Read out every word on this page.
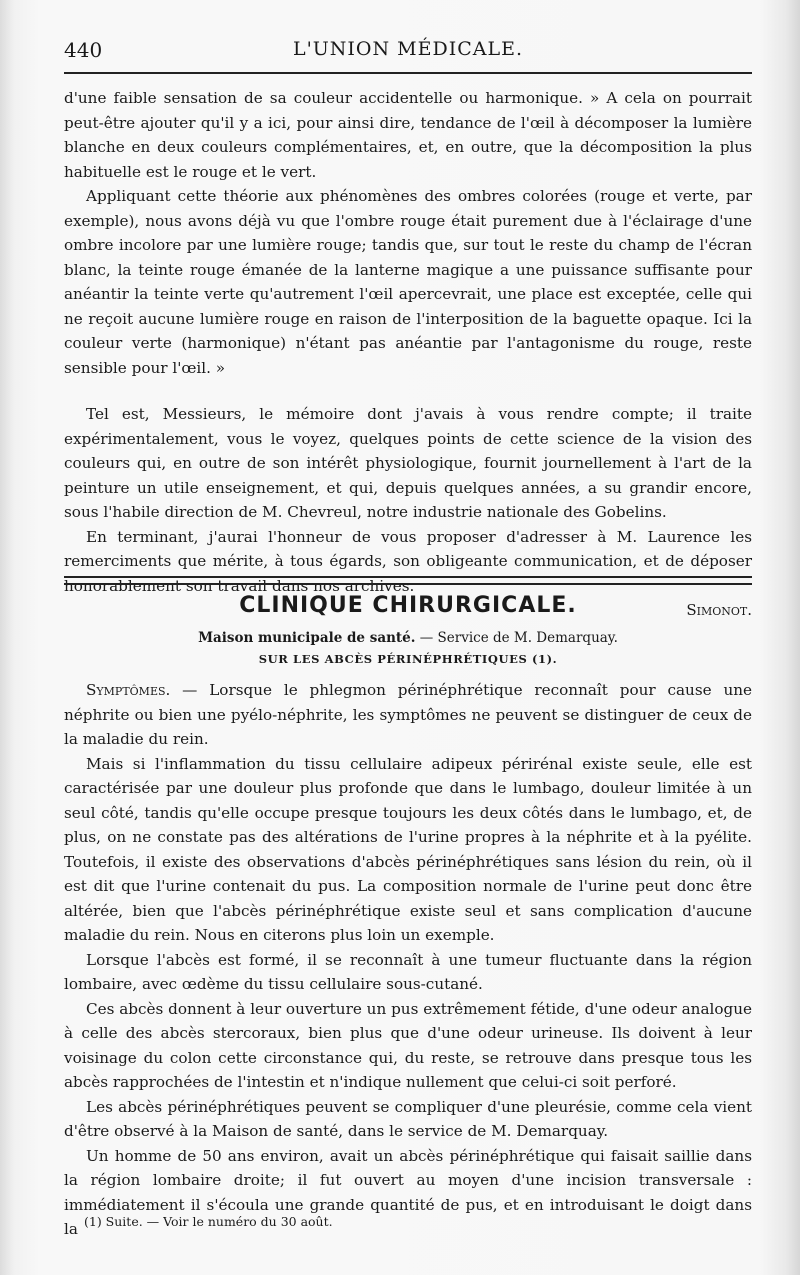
440	L'UNION MÉDICALE.

d'une faible sensation de sa couleur accidentelle ou harmonique. » A cela on pourrait peut-être ajouter qu'il y a ici, pour ainsi dire, tendance de l'œil à décomposer la lumière blanche en deux couleurs complémentaires, et, en outre, que la décomposition la plus habituelle est le rouge et le vert.

Appliquant cette théorie aux phénomènes des ombres colorées (rouge et verte, par exemple), nous avons déjà vu que l'ombre rouge était purement due à l'éclairage d'une ombre incolore par une lumière rouge; tandis que, sur tout le reste du champ de l'écran blanc, la teinte rouge émanée de la lanterne magique a une puissance suffisante pour anéantir la teinte verte qu'autrement l'œil apercevrait, une place est exceptée, celle qui ne reçoit aucune lumière rouge en raison de l'interposition de la baguette opaque. Ici la couleur verte (harmonique) n'étant pas anéantie par l'antagonisme du rouge, reste sensible pour l'œil. »

Tel est, Messieurs, le mémoire dont j'avais à vous rendre compte; il traite expérimentalement, vous le voyez, quelques points de cette science de la vision des couleurs qui, en outre de son intérêt physiologique, fournit journellement à l'art de la peinture un utile enseignement, et qui, depuis quelques années, a su grandir encore, sous l'habile direction de M. Chevreul, notre industrie nationale des Gobelins.

En terminant, j'aurai l'honneur de vous proposer d'adresser à M. Laurence les remerciments que mérite, à tous égards, son obligeante communication, et de déposer honorablement son travail dans nos archives.

Simonot.

CLINIQUE CHIRURGICALE.

Maison municipale de santé. — Service de M. Demarquay.

SUR LES ABCÈS PÉRINÉPHRÉTIQUES (1).

Symptômes. — Lorsque le phlegmon périnéphrétique reconnaît pour cause une néphrite ou bien une pyélo-néphrite, les symptômes ne peuvent se distinguer de ceux de la maladie du rein.

Mais si l'inflammation du tissu cellulaire adipeux périrénal existe seule, elle est caractérisée par une douleur plus profonde que dans le lumbago, douleur limitée à un seul côté, tandis qu'elle occupe presque toujours les deux côtés dans le lumbago, et, de plus, on ne constate pas des altérations de l'urine propres à la néphrite et à la pyélite. Toutefois, il existe des observations d'abcès périnéphrétiques sans lésion du rein, où il est dit que l'urine contenait du pus. La composition normale de l'urine peut donc être altérée, bien que l'abcès périnéphrétique existe seul et sans complication d'aucune maladie du rein. Nous en citerons plus loin un exemple.

Lorsque l'abcès est formé, il se reconnaît à une tumeur fluctuante dans la région lombaire, avec œdème du tissu cellulaire sous-cutané.

Ces abcès donnent à leur ouverture un pus extrêmement fétide, d'une odeur analogue à celle des abcès stercoraux, bien plus que d'une odeur urineuse. Ils doivent à leur voisinage du colon cette circonstance qui, du reste, se retrouve dans presque tous les abcès rapprochées de l'intestin et n'indique nullement que celui-ci soit perforé.

Les abcès périnéphrétiques peuvent se compliquer d'une pleurésie, comme cela vient d'être observé à la Maison de santé, dans le service de M. Demarquay.

Un homme de 50 ans environ, avait un abcès périnéphrétique qui faisait saillie dans la région lombaire droite; il fut ouvert au moyen d'une incision transversale : immédiatement il s'écoula une grande quantité de pus, et en introduisant le doigt dans la (1) Suite. — Voir le numéro du 30 août.
